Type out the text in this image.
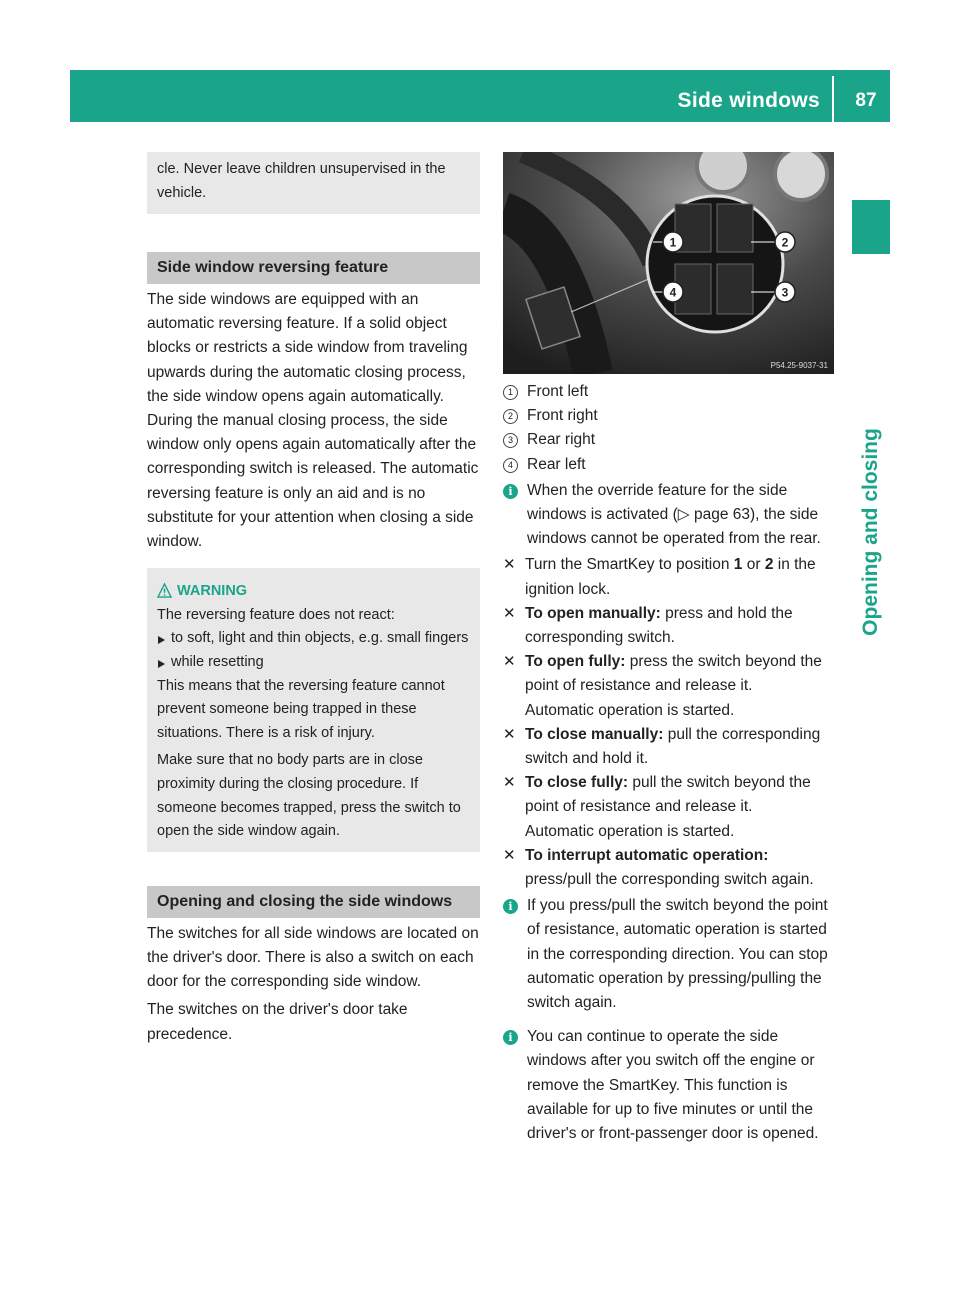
Side windows	87
Opening and closing

cle. Never leave children unsupervised in the vehicle.

Side window reversing feature

The side windows are equipped with an automatic reversing feature. If a solid object blocks or restricts a side window from traveling upwards during the automatic closing process, the side window opens again automatically. During the manual closing process, the side window only opens again automatically after the corresponding switch is released. The automatic reversing feature is only an aid and is no substitute for your attention when closing a side window.

WARNING

The reversing feature does not react:

to soft, light and thin objects, e.g. small fingers

while resetting

This means that the reversing feature cannot prevent someone being trapped in these situations. There is a risk of injury.

Make sure that no body parts are in close proximity during the closing procedure. If someone becomes trapped, press the switch to open the side window again.

Opening and closing the side windows

The switches for all side windows are located on the driver's door. There is also a switch on each door for the corresponding side window.

The switches on the driver's door take precedence.

1	2
3
4
P54.25-9037-31
1 Front left
2 Front right
3 Rear right
4 Rear left
i When the override feature for the side windows is activated (▷ page 63), the side windows cannot be operated from the rear.
✕ Turn the SmartKey to position 1 or 2 in the ignition lock.
✕ To open manually: press and hold the corresponding switch.
✕ To open fully: press the switch beyond the point of resistance and release it.
Automatic operation is started.
✕ To close manually: pull the corresponding switch and hold it.
✕ To close fully: pull the switch beyond the point of resistance and release it.
Automatic operation is started.
✕ To interrupt automatic operation:
press/pull the corresponding switch again.
i If you press/pull the switch beyond the point of resistance, automatic operation is started in the corresponding direction. You can stop automatic operation by pressing/pulling the switch again.
i You can continue to operate the side windows after you switch off the engine or remove the SmartKey. This function is available for up to five minutes or until the driver's or front-passenger door is opened.
